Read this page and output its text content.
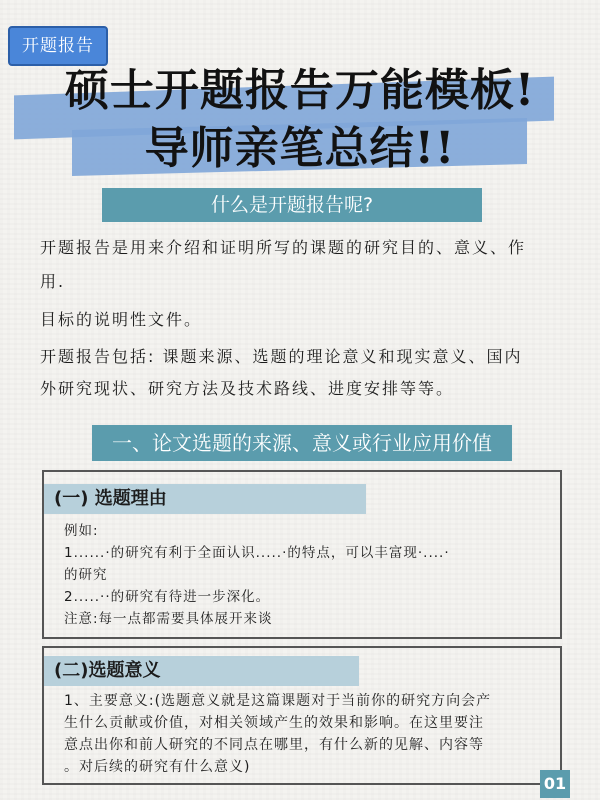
开题报告
硕士开题报告万能模板!
导师亲笔总结!!
什么是开题报告呢?
开题报告是用来介绍和证明所写的课题的研究目的、意义、作
用.
目标的说明性文件。
开题报告包括: 课题来源、选题的理论意义和现实意义、国内
外研究现状、研究方法及技术路线、进度安排等等。
一、论文选题的来源、意义或行业应用价值
(一) 选题理由
例如:
1......·的研究有利于全面认识.....·的特点，可以丰富现·....·
的研究
2.....··的研究有待进一步深化。
注意:每一点都需要具体展开来谈
(二)选题意义
1、主要意义:(选题意义就是这篇课题对于当前你的研究方向会产
生什么贡献或价值，对相关领域产生的效果和影响。在这里要注
意点出你和前人研究的不同点在哪里，有什么新的见解、内容等
。对后续的研究有什么意义)
01
